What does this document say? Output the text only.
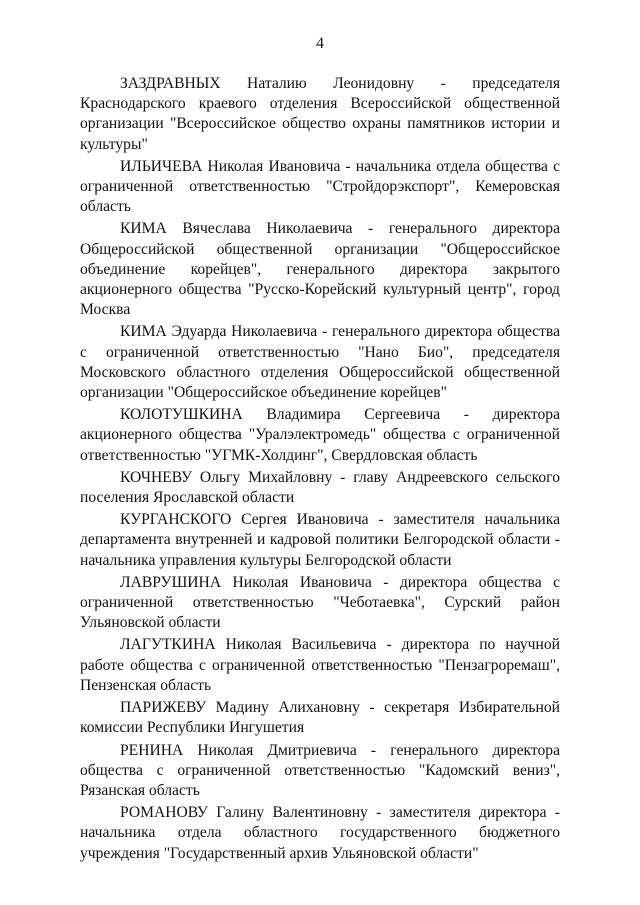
4

ЗАЗДРАВНЫХ Наталию Леонидовну - председателя Краснодарского краевого отделения Всероссийской общественной организации "Всероссийское общество охраны памятников истории и культуры"

ИЛЬИЧЕВА Николая Ивановича - начальника отдела общества с ограниченной ответственностью "Стройдорэкспорт", Кемеровская область

КИМА Вячеслава Николаевича - генерального директора Общероссийской общественной организации "Общероссийское объединение корейцев", генерального директора закрытого акционерного общества "Русско-Корейский культурный центр", город Москва

КИМА Эдуарда Николаевича - генерального директора общества с ограниченной ответственностью "Нано Био", председателя Московского областного отделения Общероссийской общественной организации "Общероссийское объединение корейцев"

КОЛОТУШКИНА Владимира Сергеевича - директора акционерного общества "Уралэлектромедь" общества с ограниченной ответственностью "УГМК-Холдинг", Свердловская область

КОЧНЕВУ Ольгу Михайловну - главу Андреевского сельского поселения Ярославской области

КУРГАНСКОГО Сергея Ивановича - заместителя начальника департамента внутренней и кадровой политики Белгородской области - начальника управления культуры Белгородской области

ЛАВРУШИНА Николая Ивановича - директора общества с ограниченной ответственностью "Чеботаевка", Сурский район Ульяновской области

ЛАГУТКИНА Николая Васильевича - директора по научной работе общества с ограниченной ответственностью "Пензагроремаш", Пензенская область

ПАРИЖЕВУ Мадину Алихановну - секретаря Избирательной комиссии Республики Ингушетия

РЕНИНА Николая Дмитриевича - генерального директора общества с ограниченной ответственностью "Кадомский вениз", Рязанская область

РОМАНОВУ Галину Валентиновну - заместителя директора - начальника отдела областного государственного бюджетного учреждения "Государственный архив Ульяновской области"
